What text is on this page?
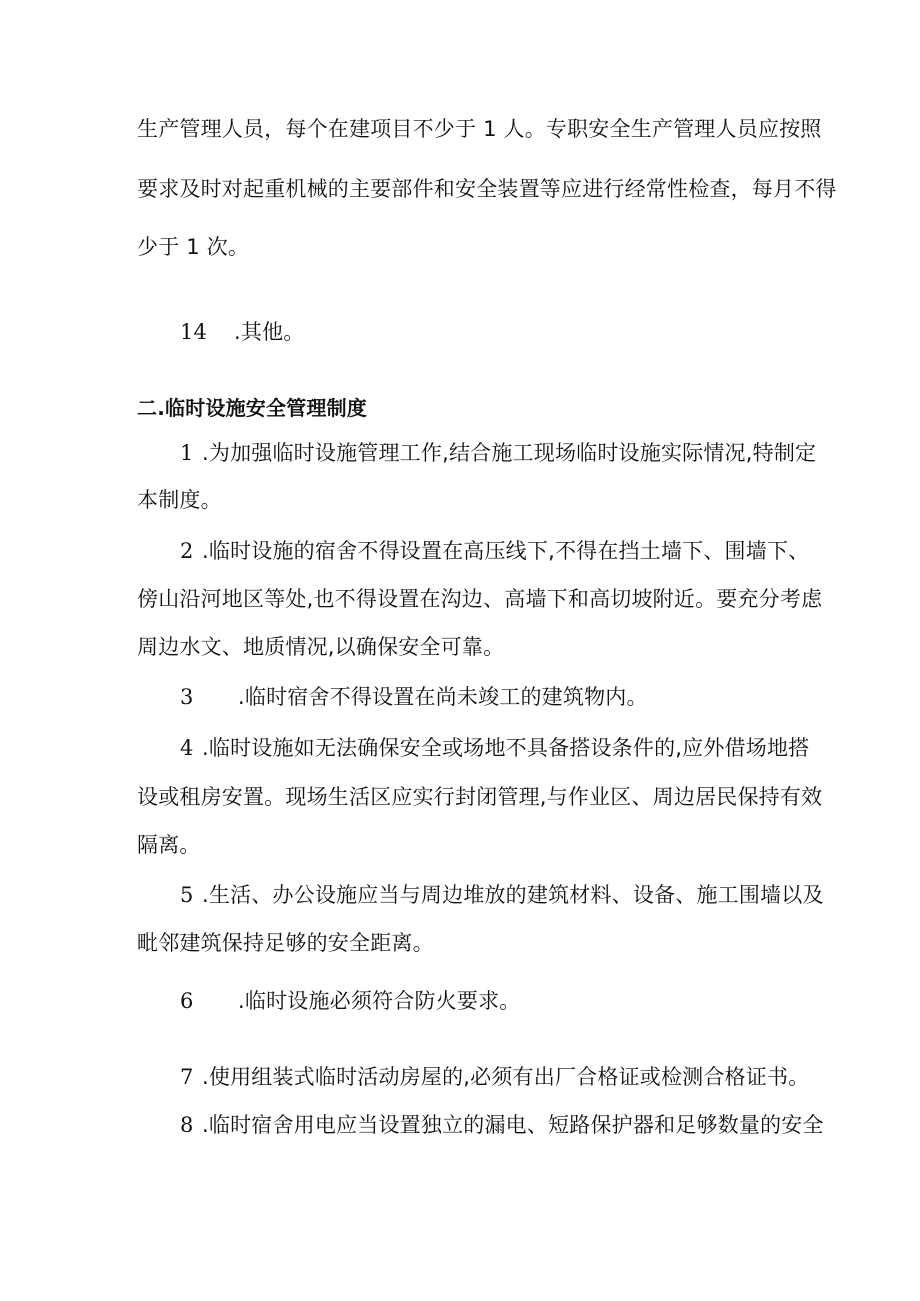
生产管理人员，每个在建项目不少于 1 人。专职安全生产管理人员应按照
要求及时对起重机械的主要部件和安全装置等应进行经常性检查，每月不得
少于 1 次。
14 .其他。
二.临时设施安全管理制度
1 .为加强临时设施管理工作,结合施工现场临时设施实际情况,特制定
本制度。
2 .临时设施的宿舍不得设置在高压线下,不得在挡土墙下、围墙下、
傍山沿河地区等处,也不得设置在沟边、高墙下和高切坡附近。要充分考虑
周边水文、地质情况,以确保安全可靠。
3 .临时宿舍不得设置在尚未竣工的建筑物内。
4 .临时设施如无法确保安全或场地不具备搭设条件的,应外借场地搭
设或租房安置。现场生活区应实行封闭管理,与作业区、周边居民保持有效
隔离。
5 .生活、办公设施应当与周边堆放的建筑材料、设备、施工围墙以及
毗邻建筑保持足够的安全距离。
6 .临时设施必须符合防火要求。
7 .使用组装式临时活动房屋的,必须有出厂合格证或检测合格证书。
8 .临时宿舍用电应当设置独立的漏电、短路保护器和足够数量的安全
